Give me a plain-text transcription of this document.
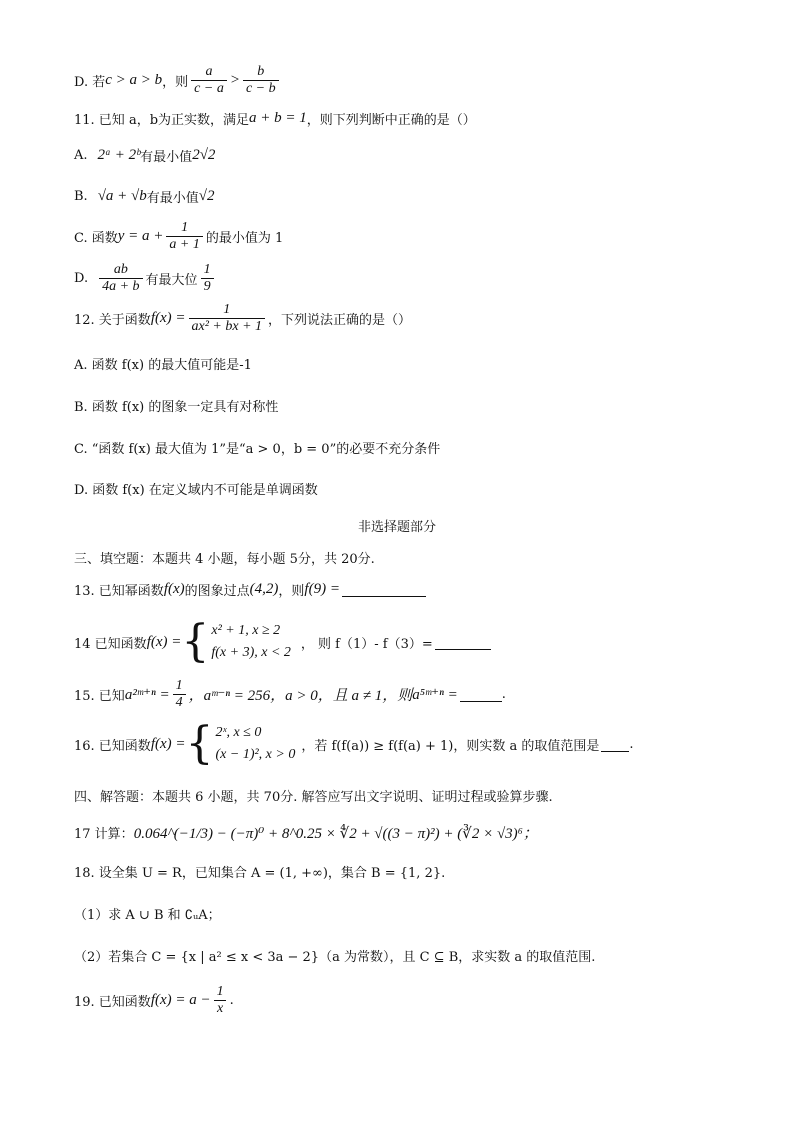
D. 若 c > a > b ，则 $\frac{a}{c - a} > \frac{b}{c - b}$
11. 已知 a，b为正实数，满足 a + b = 1 ，则下列判断中正确的是（）
A. 2ᵃ + 2ᵇ 有最小值 2√2
B. √a + √b 有最小值 √2
C. 函数 $y = a + \frac{1}{a + 1}$ 的最小值为 1
D. $\frac{ab}{4a + b}$ 有最大位 $\frac{1}{9}$
12. 关于函数 $f(x) = \frac{1}{\text{ax² + bx + 1}}$ ，下列说法正确的是（）
A. 函数 f(x) 的最大值可能是-1
B. 函数 f(x) 的图象一定具有对称性
C. “函数 f(x) 最大值为 1”是“a > 0，b = 0”的必要不充分条件
D. 函数 f(x) 在定义域内不可能是单调函数
非选择题部分
三、填空题：本题共 4 小题，每小题 5分，共 20分.
13. 已知幂函数 f(x) 的图象过点 (4,2) ，则 f(9) =
14 已知函数 f(x) = { x² + 1, x ≥ 2
f(x + 3), x < 2
， 则 f（1）- f（3）=
15. 已知 a²ᵐ⁺ⁿ = $\frac{1}{4}$ ，aᵐ⁻ⁿ = 256，a > 0，且 a ≠ 1，则 a⁵ᵐ⁺ⁿ =	.
16. 已知函数 f(x) = { 2ˣ, x ≤ 0
(x − 1)², x > 0
，若 f(f(a)) ≥ f(f(a) + 1)，则实数 a 的取值范围是 .
四、解答题：本题共 6 小题，共 70分. 解答应写出文字说明、证明过程或验算步骤.
17 计算： 0.064^(−1/3) − (−π)⁰ + 8^0.25 × ∜2 + √((3 − π)²) + (∛2 × √3)⁶；
18. 设全集 U = R，已知集合 A = (1, +∞)，集合 B = {1, 2}.
（1）求 A ∪ B 和 ∁ᵤA；
（2）若集合 C = {x | a² ≤ x < 3a − 2}（a 为常数），且 C ⊆ B，求实数 a 的取值范围.
19. 已知函数 $f(x) = a - \frac{1}{x}$ .
